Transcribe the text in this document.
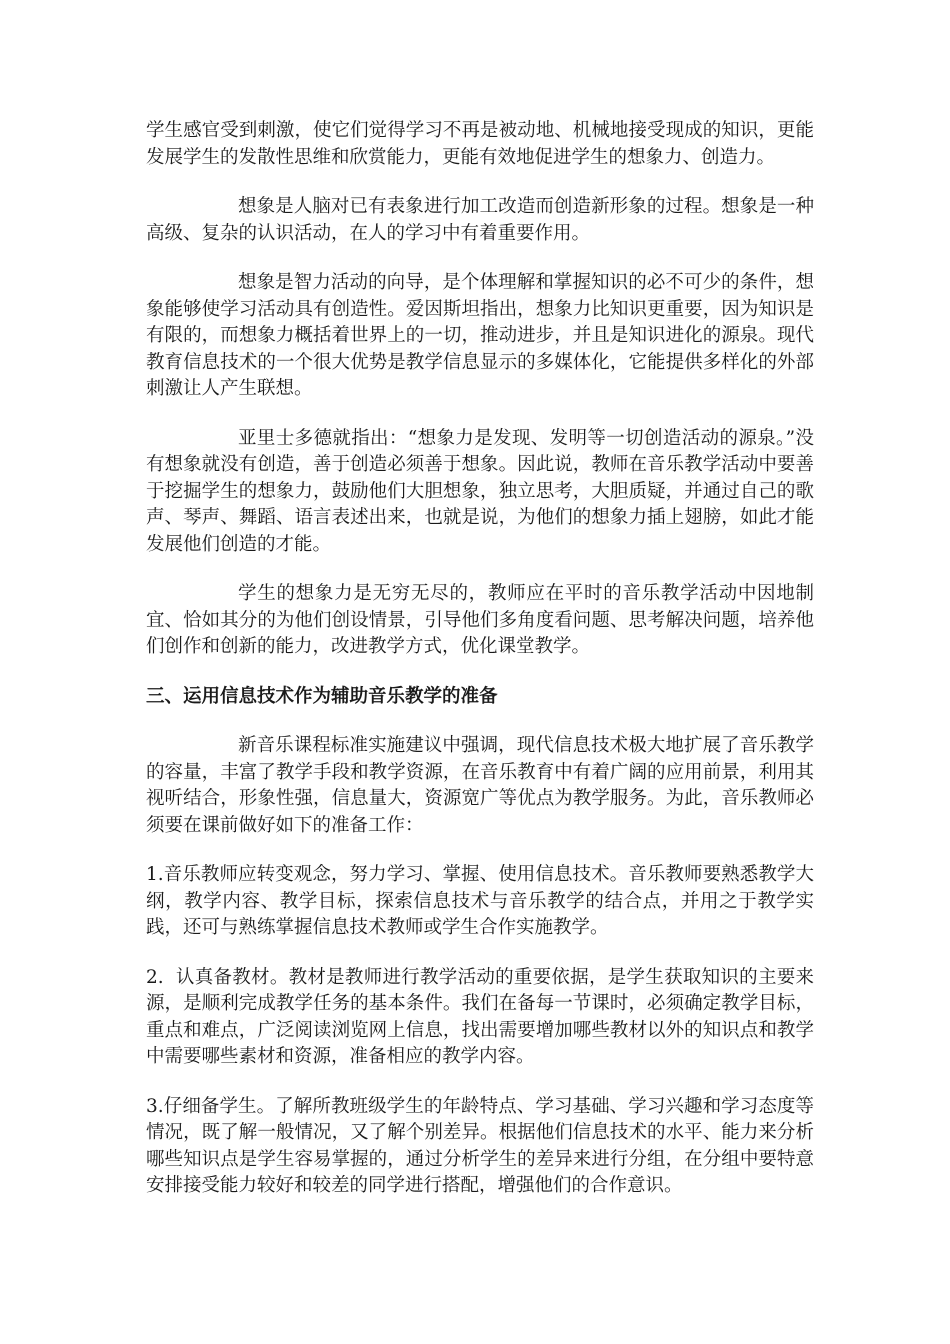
学生感官受到刺激，使它们觉得学习不再是被动地、机械地接受现成的知识，更能发展学生的发散性思维和欣赏能力，更能有效地促进学生的想象力、创造力。

想象是人脑对已有表象进行加工改造而创造新形象的过程。想象是一种高级、复杂的认识活动，在人的学习中有着重要作用。

想象是智力活动的向导，是个体理解和掌握知识的必不可少的条件，想象能够使学习活动具有创造性。爱因斯坦指出，想象力比知识更重要，因为知识是有限的，而想象力概括着世界上的一切，推动进步，并且是知识进化的源泉。现代教育信息技术的一个很大优势是教学信息显示的多媒体化，它能提供多样化的外部刺激让人产生联想。

亚里士多德就指出：“想象力是发现、发明等一切创造活动的源泉。”没有想象就没有创造，善于创造必须善于想象。因此说，教师在音乐教学活动中要善于挖掘学生的想象力，鼓励他们大胆想象，独立思考，大胆质疑，并通过自己的歌声、琴声、舞蹈、语言表述出来，也就是说，为他们的想象力插上翅膀，如此才能发展他们创造的才能。

学生的想象力是无穷无尽的，教师应在平时的音乐教学活动中因地制宜、恰如其分的为他们创设情景，引导他们多角度看问题、思考解决问题，培养他们创作和创新的能力，改进教学方式，优化课堂教学。

三、运用信息技术作为辅助音乐教学的准备

新音乐课程标准实施建议中强调，现代信息技术极大地扩展了音乐教学的容量，丰富了教学手段和教学资源，在音乐教育中有着广阔的应用前景，利用其视听结合，形象性强，信息量大，资源宽广等优点为教学服务。为此，音乐教师必须要在课前做好如下的准备工作：

1.音乐教师应转变观念，努力学习、掌握、使用信息技术。音乐教师要熟悉教学大纲，教学内容、教学目标，探索信息技术与音乐教学的结合点，并用之于教学实践，还可与熟练掌握信息技术教师或学生合作实施教学。

2.  认真备教材。教材是教师进行教学活动的重要依据，是学生获取知识的主要来源，是顺利完成教学任务的基本条件。我们在备每一节课时，必须确定教学目标，重点和难点，广泛阅读浏览网上信息，找出需要增加哪些教材以外的知识点和教学中需要哪些素材和资源，准备相应的教学内容。

3.仔细备学生。了解所教班级学生的年龄特点、学习基础、学习兴趣和学习态度等情况，既了解一般情况，又了解个别差异。根据他们信息技术的水平、能力来分析哪些知识点是学生容易掌握的，通过分析学生的差异来进行分组，在分组中要特意安排接受能力较好和较差的同学进行搭配，增强他们的合作意识。
